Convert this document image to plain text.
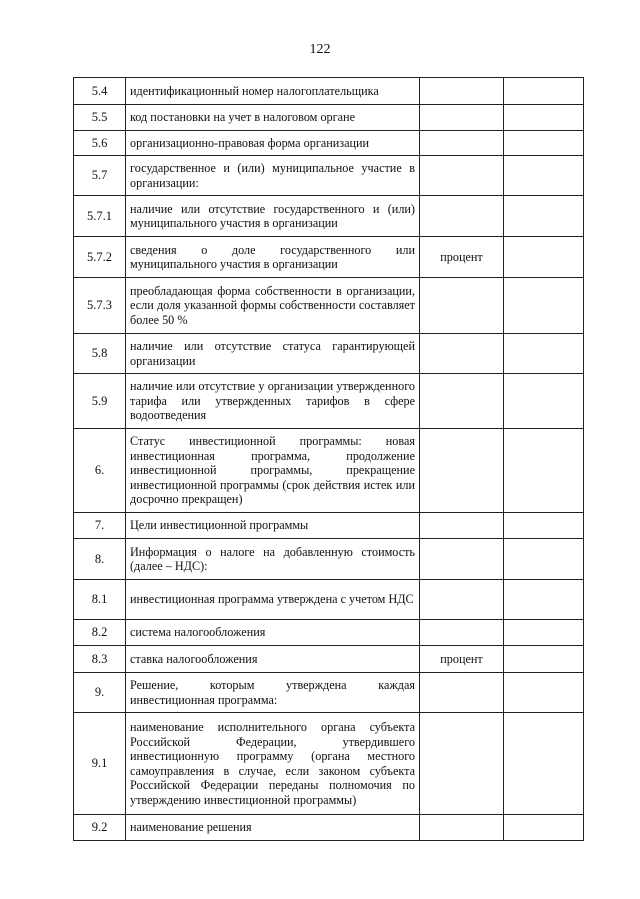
122
5.4	идентификационный номер налогоплательщика		
5.5	код постановки на учет в налоговом органе		
5.6	организационно-правовая форма организации		
5.7	государственное и (или) муниципальное участие в организации:		
5.7.1	наличие или отсутствие государственного и (или) муниципального участия в организации		
5.7.2	сведения о доле государственного или муниципального участия в организации	процент	
5.7.3	преобладающая форма собственности в организации, если доля указанной формы собственности составляет более 50 %		
5.8	наличие или отсутствие статуса гарантирующей организации		
5.9	наличие или отсутствие у организации утвержденного тарифа или утвержденных тарифов в сфере водоотведения		
6.	Статус инвестиционной программы: новая инвестиционная программа, продолжение инвестиционной программы, прекращение инвестиционной программы (срок действия истек или досрочно прекращен)		
7.	Цели инвестиционной программы		
8.	Информация о налоге на добавленную стоимость (далее – НДС):		
8.1	инвестиционная программа утверждена с учетом НДС		
8.2	система налогообложения		
8.3	ставка налогообложения	процент	
9.	Решение, которым утверждена каждая инвестиционная программа:		
9.1	наименование исполнительного органа субъекта Российской Федерации, утвердившего инвестиционную программу (органа местного самоуправления в случае, если законом субъекта Российской Федерации переданы полномочия по утверждению инвестиционной программы)		
9.2	наименование решения		
